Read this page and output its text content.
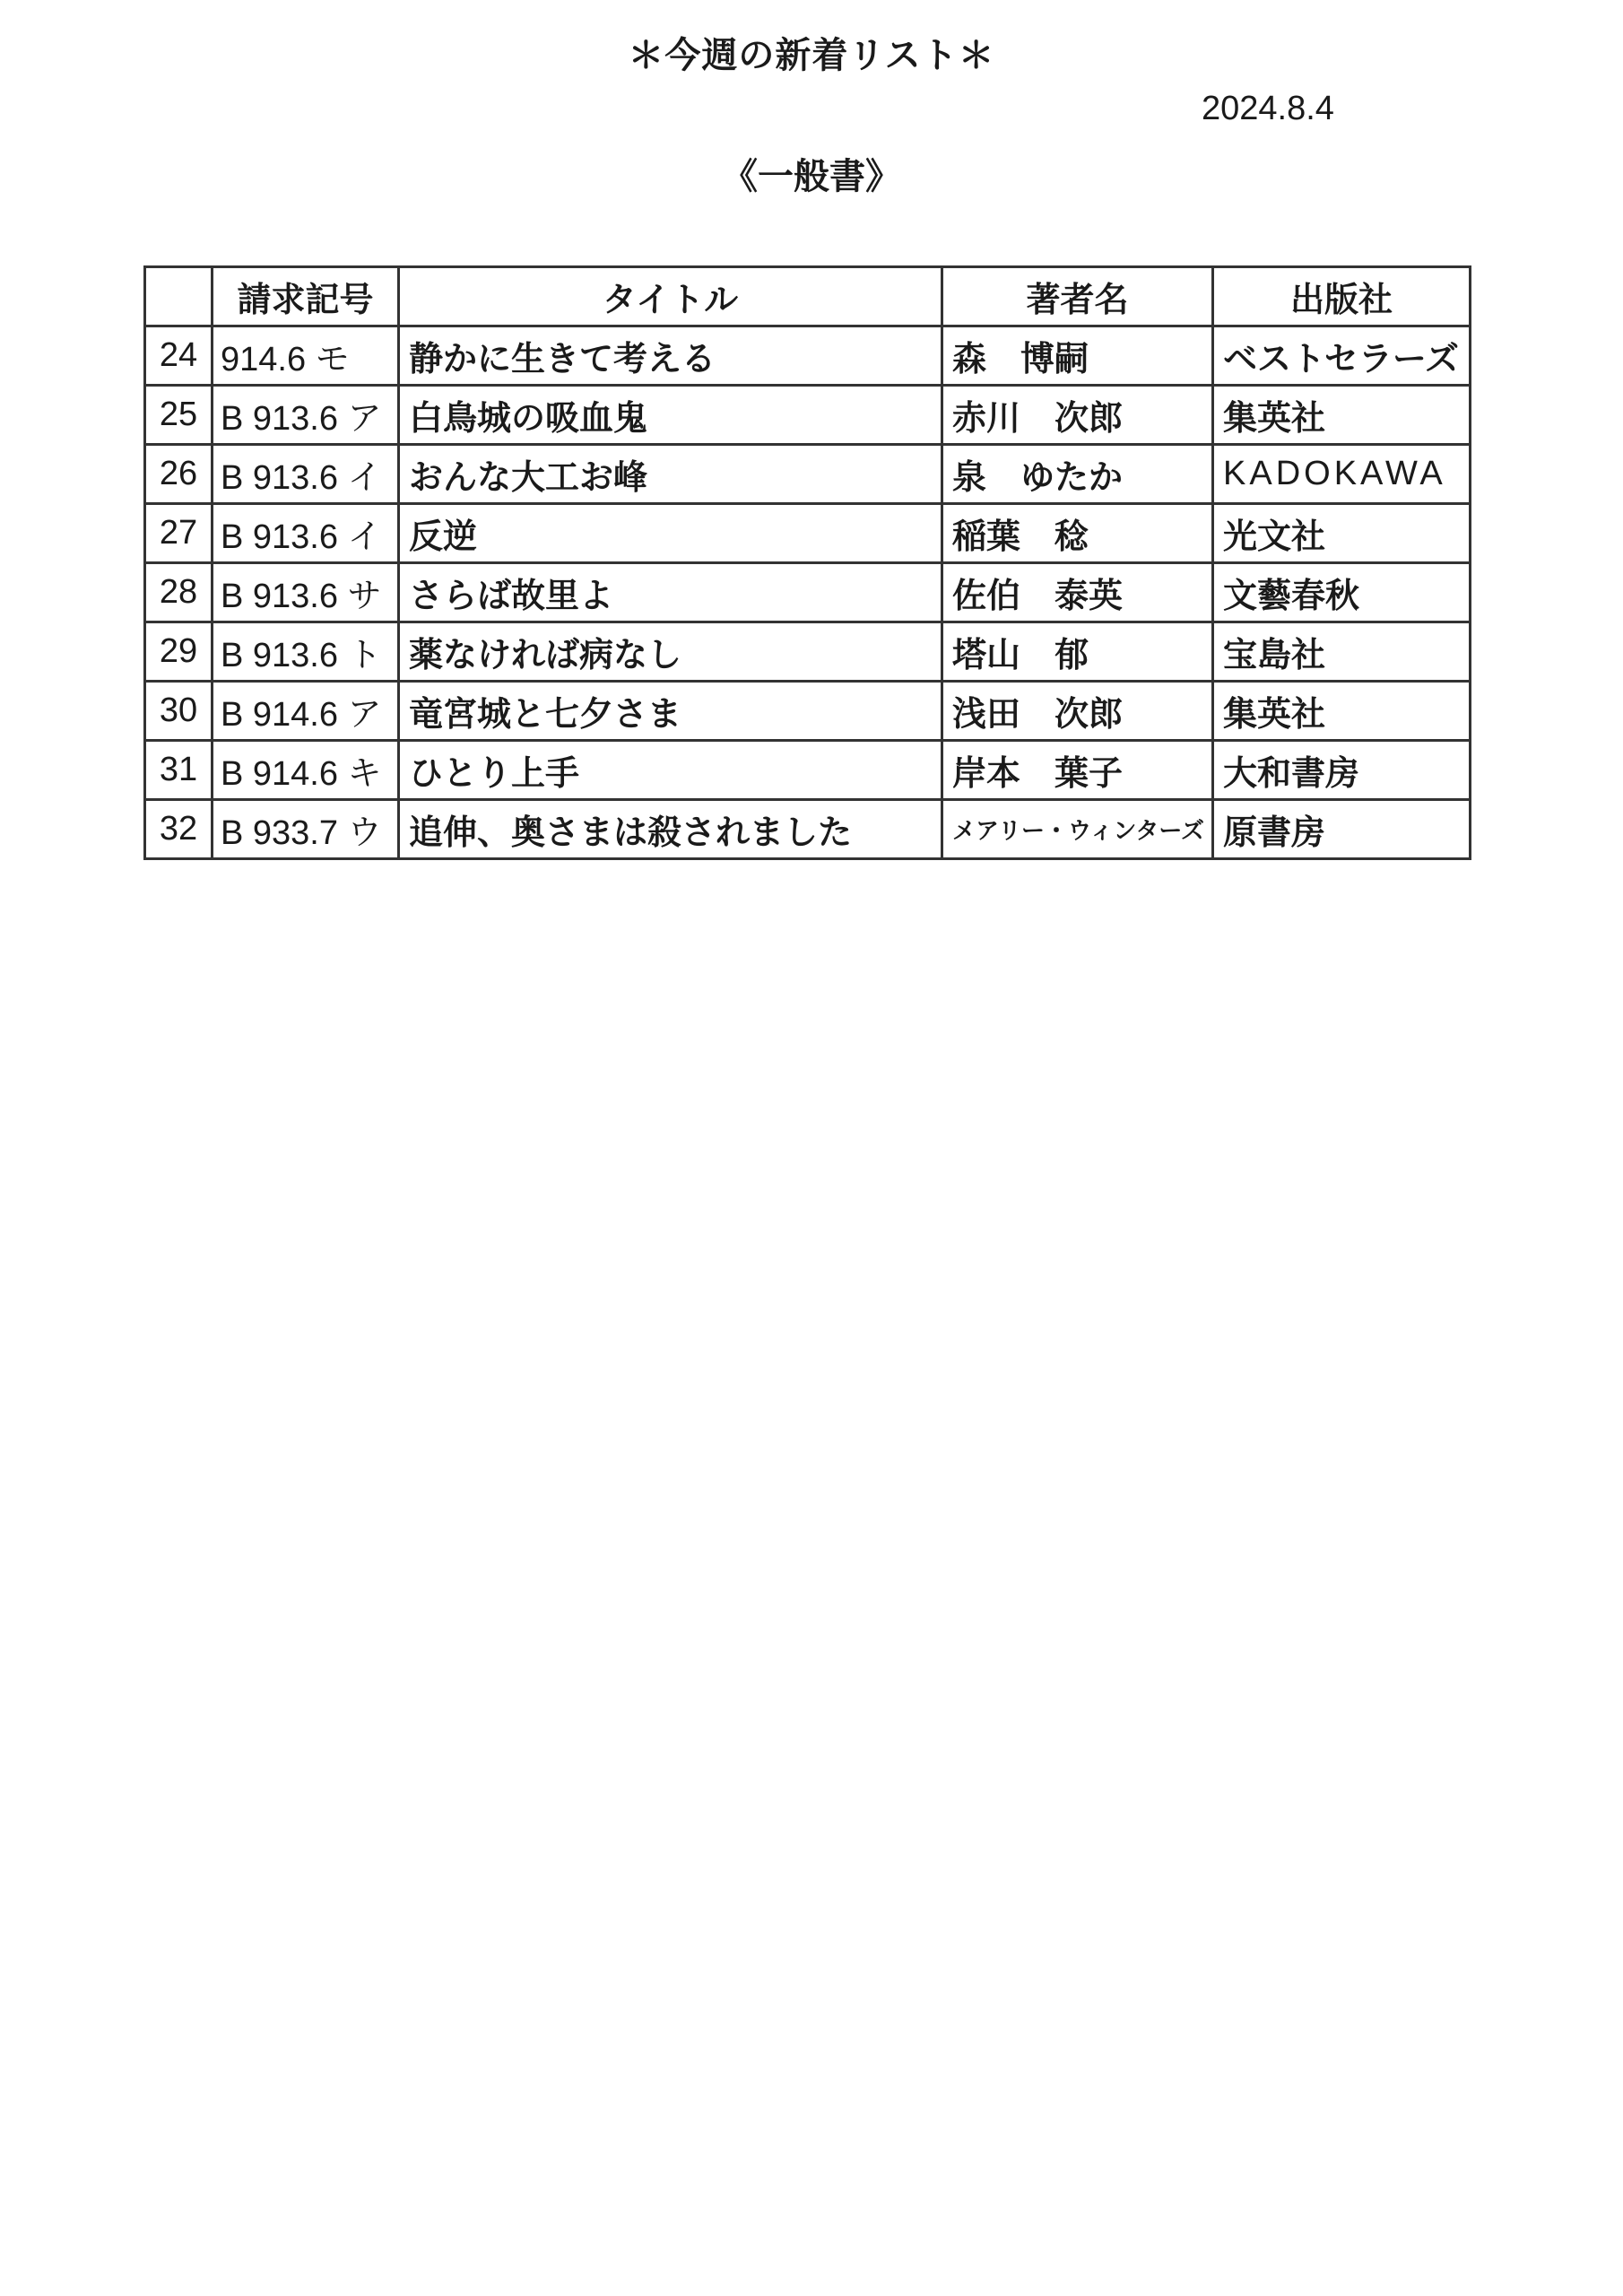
＊今週の新着リスト＊
2024.8.4
《一般書》
	請求記号	タイトル	著者名	出版社
24	914.6 モ	静かに生きて考える	森　博嗣	ベストセラーズ
25	B 913.6 ア	白鳥城の吸血鬼	赤川　次郎	集英社
26	B 913.6 イ	おんな大工お峰	泉　ゆたか	KADOKAWA
27	B 913.6 イ	反逆	稲葉　稔	光文社
28	B 913.6 サ	さらば故里よ	佐伯　泰英	文藝春秋
29	B 913.6 ト	薬なければ病なし	塔山　郁	宝島社
30	B 914.6 ア	竜宮城と七夕さま	浅田　次郎	集英社
31	B 914.6 キ	ひとり上手	岸本　葉子	大和書房
32	B 933.7 ウ	追伸、奥さまは殺されました	メアリー・ウィンターズ	原書房
